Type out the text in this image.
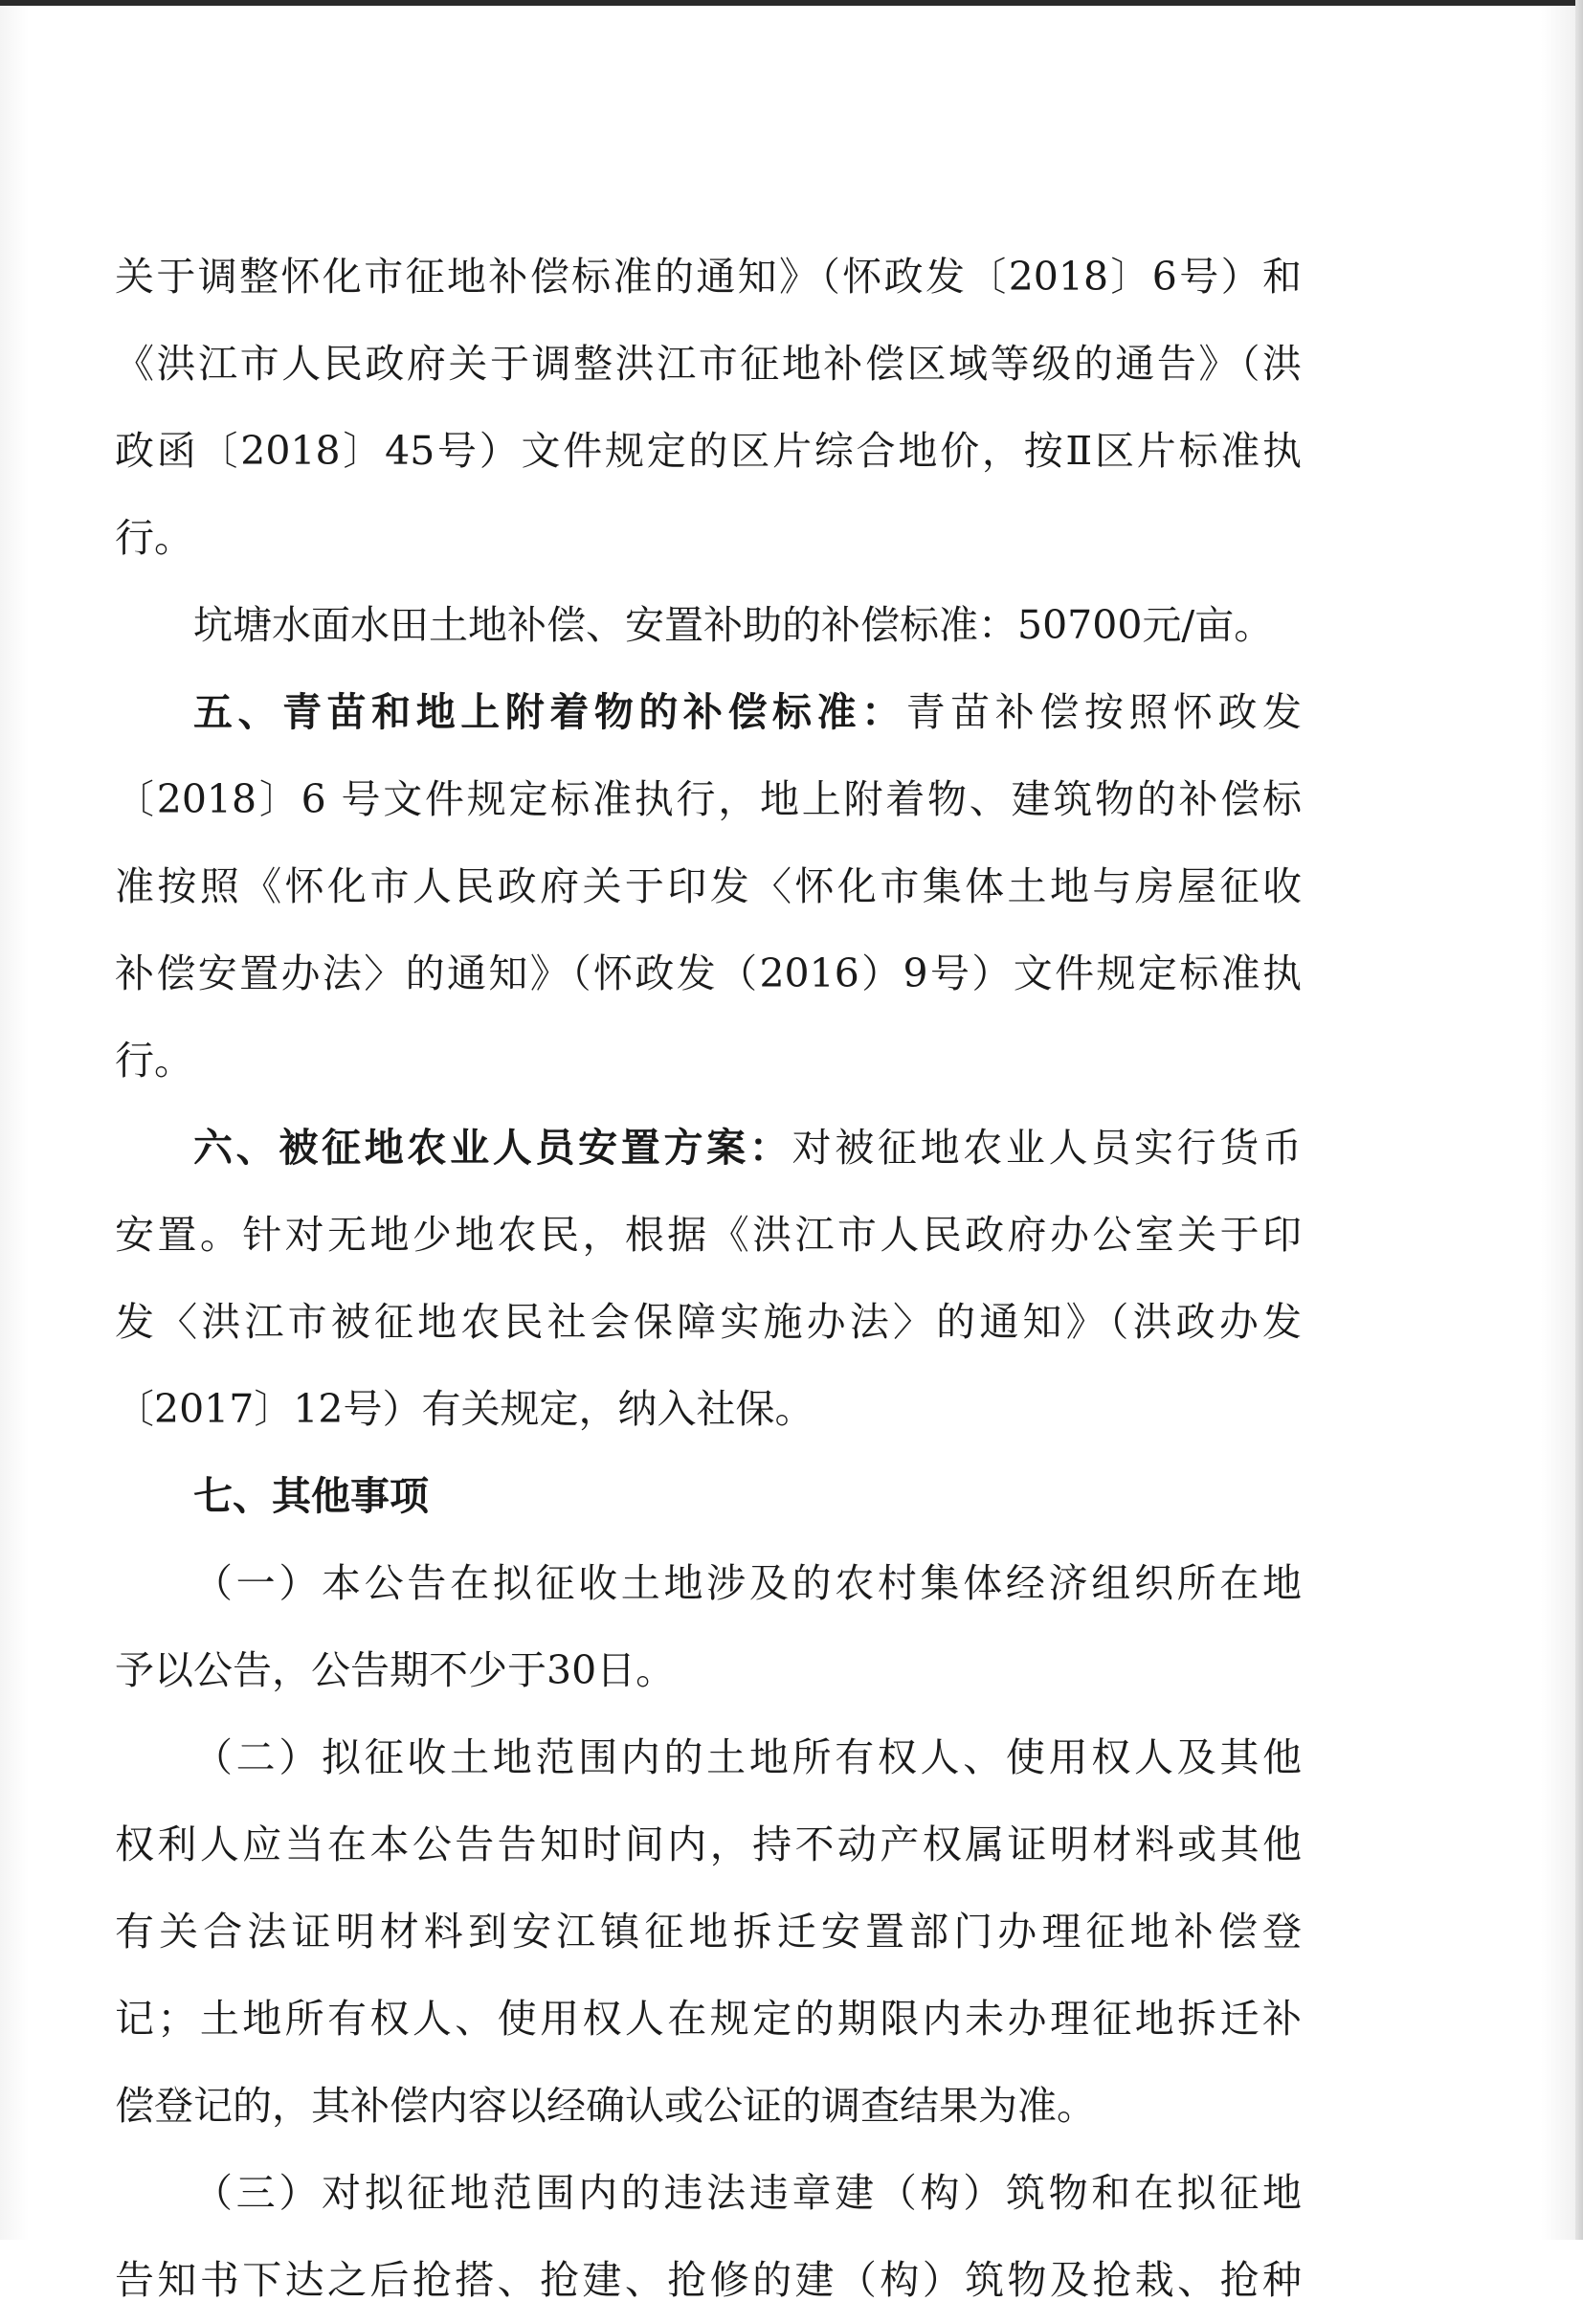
关于调整怀化市征地补偿标准的通知》（怀政发〔2018〕6号）和

《洪江市人民政府关于调整洪江市征地补偿区域等级的通告》（洪

政函〔2018〕45号）文件规定的区片综合地价，按Ⅱ区片标准执行。

坑塘水面水田土地补偿、安置补助的补偿标准：50700元/亩。

五、青苗和地上附着物的补偿标准：青苗补偿按照怀政发

〔2018〕6 号文件规定标准执行，地上附着物、建筑物的补偿标

准按照《怀化市人民政府关于印发〈怀化市集体土地与房屋征收

补偿安置办法〉的通知》（怀政发（2016）9号）文件规定标准执行。

六、被征地农业人员安置方案：对被征地农业人员实行货币

安置。针对无地少地农民，根据《洪江市人民政府办公室关于印

发〈洪江市被征地农民社会保障实施办法〉的通知》（洪政办发

〔2017〕12号）有关规定，纳入社保。

七、其他事项

（一）本公告在拟征收土地涉及的农村集体经济组织所在地

予以公告，公告期不少于30日。

（二）拟征收土地范围内的土地所有权人、使用权人及其他

权利人应当在本公告告知时间内，持不动产权属证明材料或其他

有关合法证明材料到安江镇征地拆迁安置部门办理征地补偿登

记；土地所有权人、使用权人在规定的期限内未办理征地拆迁补

偿登记的，其补偿内容以经确认或公证的调查结果为准。

（三）对拟征地范围内的违法违章建（构）筑物和在拟征地

告知书下达之后抢搭、抢建、抢修的建（构）筑物及抢栽、抢种
